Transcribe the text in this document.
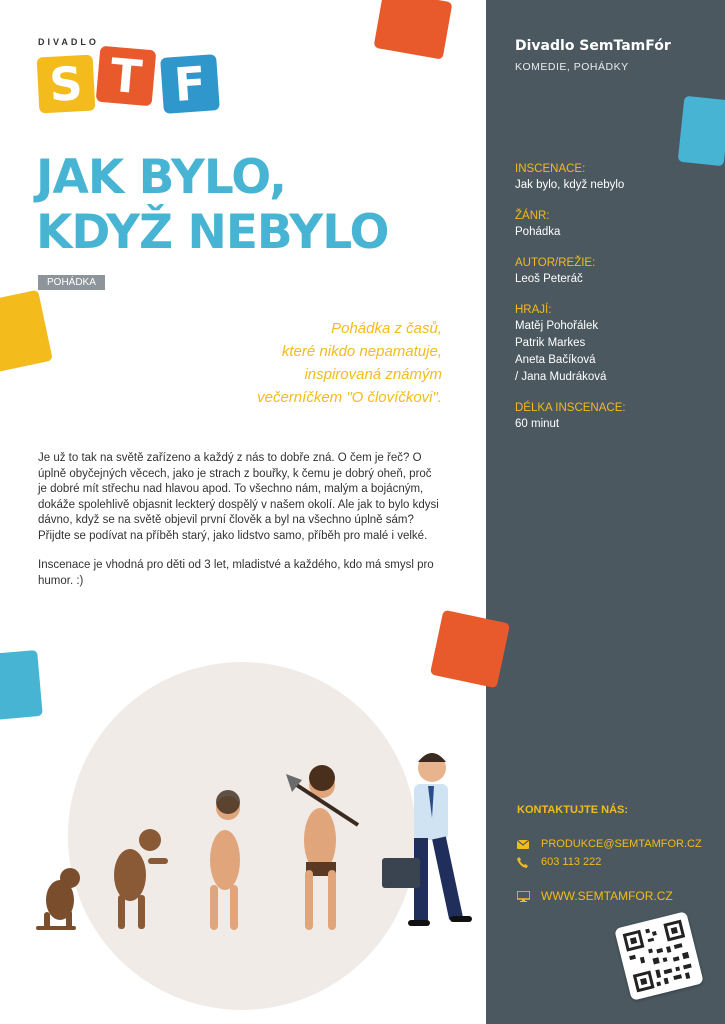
DIVADLO
S T F
JAK BYLO,
KDYŽ NEBYLO
POHÁDKA
Pohádka z časů,
které nikdo nepamatuje,
inspirovaná známým
večerníčkem "O človíčkovi".

Je už to tak na světě zařízeno a každý z nás to dobře zná. O čem je řeč? O úplně obyčejných věcech, jako je strach z bouřky, k čemu je dobrý oheň, proč je dobré mít střechu nad hlavou apod. To všechno nám, malým a bojácným, dokáže spolehlivě objasnit leckterý dospělý v našem okolí. Ale jak to bylo kdysi dávno, když se na světě objevil první člověk a byl na všechno úplně sám? Přijdte se podívat na příběh starý, jako lidstvo samo, příběh pro malé i velké.

Inscenace je vhodná pro děti od 3 let, mladistvé a každého, kdo má smysl pro humor. :)

Divadlo SemTamFór
KOMEDIE, POHÁDKY
INSCENACE:
Jak bylo, když nebylo
ŽÁNR:
Pohádka
AUTOR/REŽIE:
Leoš Peteráč
HRAJÍ:
Matěj Pohořálek
Patrik Markes
Aneta Bačíková
/ Jana Mudráková
DÉLKA INSCENACE:
60 minut
KONTAKTUJTE NÁS:
PRODUKCE@SEMTAMFOR.CZ
603 113 222
WWW.SEMTAMFOR.CZ
